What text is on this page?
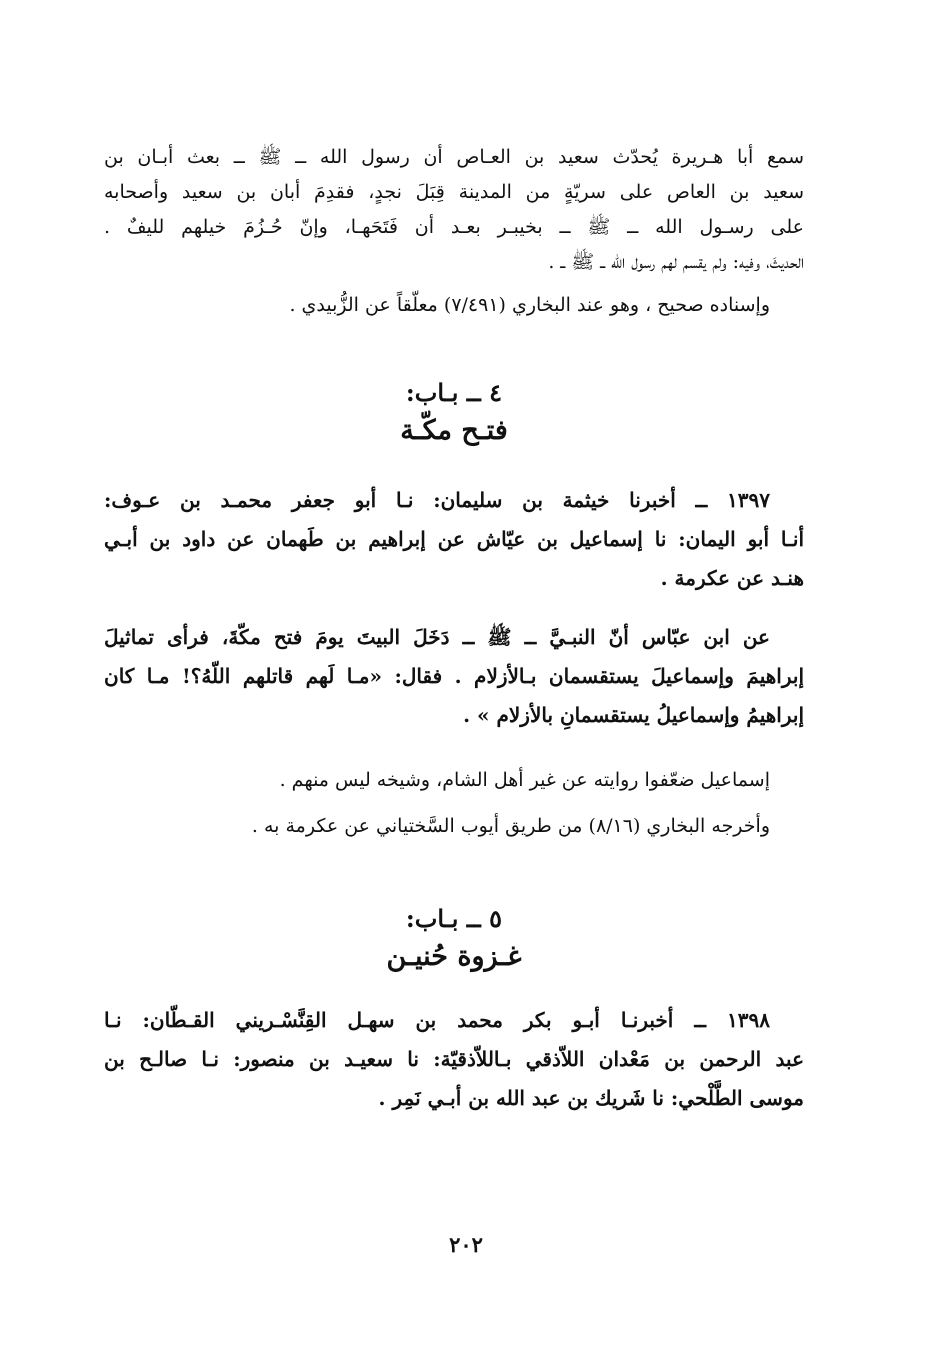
سمع أبا هـريرة يُحدّث سعيد بن العـاص أن رسول الله ــ ﷺ ــ بعث أبـان بن
سعيد بن العاص على سريّةٍ من المدينة قِبَلَ نجدٍ، فقدِمَ أبان بن سعيد وأصحابه
على رسـول الله ــ ﷺ ــ بخيبـر بعـد أن فَتَحَهـا، وإنّ حُـزُمَ خيلهم لليفٌ .
الحديثَ، وفيه: ولم يقسم لهم رسول الله ــ ﷺ ــ .
وإسناده صحيح ، وهو عند البخاري (٧/٤٩١) معلّقاً عن الزُّبيدي .
٤ ــ بـاب:
فتـح مكّـة
١٣٩٧ ــ أخبرنا خيثمة بن سليمان: نـا أبو جعفر محمـد بن عـوف:
أنـا أبو اليمان: نا إسماعيل بن عيّاش عن إبراهيم بن طَهمان عن داود بن أبـي
هنـد عن عكرمة .
عن ابن عبّاس أنّ النبـيَّ ــ ﷺ ــ دَخَلَ البيتَ يومَ فتح مكّةَ، فرأى تماثيلَ
إبراهيمَ وإسماعيلَ يستقسمان بـالأزلام . فقال: «مـا لَهم قاتلهم اللّهُ؟! مـا كان
إبراهيمُ وإسماعيلُ يستقسمانِ بالأزلام » .
إسماعيل ضعّفوا روايته عن غير أهل الشام، وشيخه ليس منهم .
وأخرجه البخاري (٨/١٦) من طريق أيوب السَّختياني عن عكرمة به .
٥ ــ بـاب:
غـزوة حُنيـن
١٣٩٨ ــ أخبرنـا أبـو بكر محمد بن سهـل القِنَّسْـريني القـطّان: نـا
عبد الرحمن بن مَعْدان اللاّذقي بـاللاّذقيّة: نا سعيـد بن منصور: نـا صالـح بن
موسى الطَّلْحي: نا شَريك بن عبد الله بن أبـي نَمِر .
٢٠٢
